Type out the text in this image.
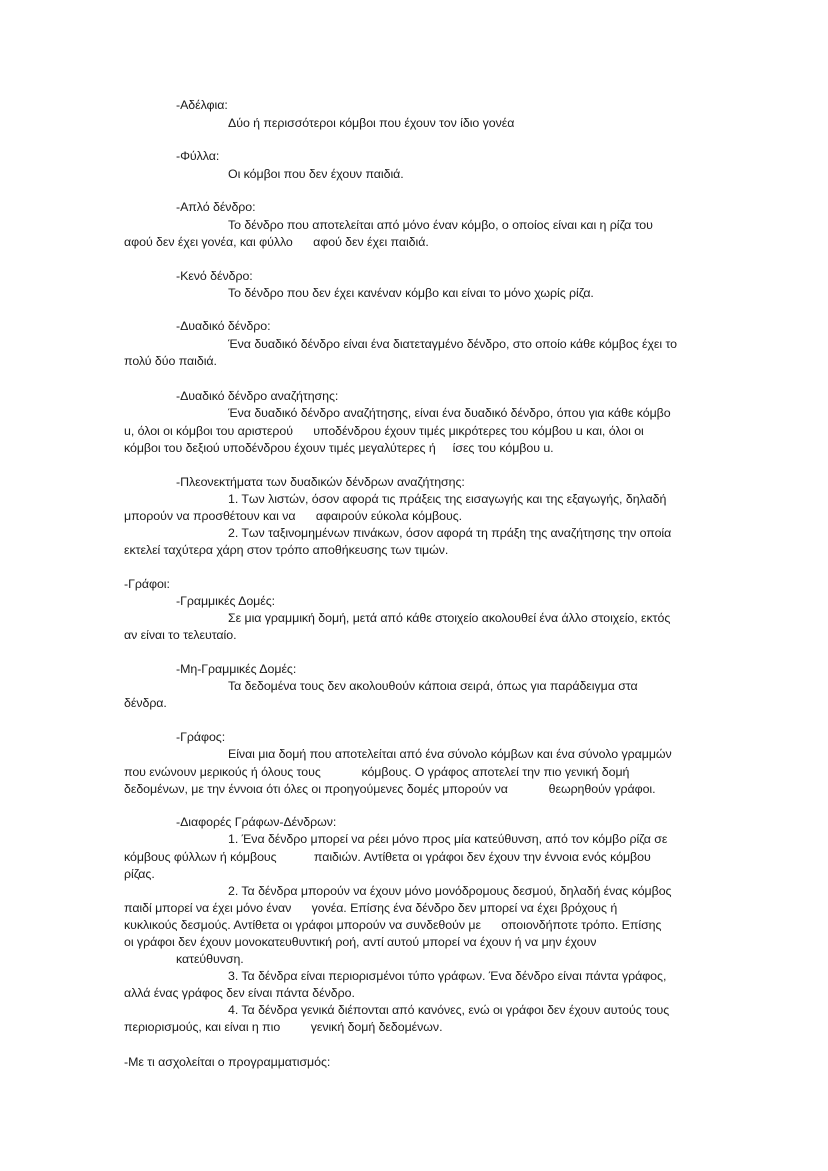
-Αδέλφια:
Δύο ή περισσότεροι κόμβοι που έχουν τον ίδιο γονέα
-Φύλλα:
Οι κόμβοι που δεν έχουν παιδιά.
-Απλό δένδρο:
Το δένδρο που αποτελείται από μόνο έναν κόμβο, ο οποίος είναι και η ρίζα του
αφού δεν έχει γονέα, και φύλλο      αφού δεν έχει παιδιά.
-Κενό δένδρο:
Το δένδρο που δεν έχει κανέναν κόμβο και είναι το μόνο χωρίς ρίζα.
-Δυαδικό δένδρο:
Ένα δυαδικό δένδρο είναι ένα διατεταγμένο δένδρο, στο οποίο κάθε κόμβος έχει το
πολύ δύο παιδιά.
-Δυαδικό δένδρο αναζήτησης:
Ένα δυαδικό δένδρο αναζήτησης, είναι ένα δυαδικό δένδρο, όπου για κάθε κόμβο
u, όλοι οι κόμβοι του αριστερού      υποδένδρου έχουν τιμές μικρότερες του κόμβου u και, όλοι οι
κόμβοι του δεξιού υποδένδρου έχουν τιμές μεγαλύτερες ή     ίσες του κόμβου u.
-Πλεονεκτήματα των δυαδικών δένδρων αναζήτησης:
1. Των λιστών, όσον αφορά τις πράξεις της εισαγωγής και της εξαγωγής, δηλαδή
μπορούν να προσθέτουν και να      αφαιρούν εύκολα κόμβους.
2. Των ταξινομημένων πινάκων, όσον αφορά τη πράξη της αναζήτησης την οποία
εκτελεί ταχύτερα χάρη στον τρόπο αποθήκευσης των τιμών.
-Γράφοι:
-Γραμμικές Δομές:
Σε μια γραμμική δομή, μετά από κάθε στοιχείο ακολουθεί ένα άλλο στοιχείο, εκτός
αν είναι το τελευταίο.
-Μη-Γραμμικές Δομές:
Τα δεδομένα τους δεν ακολουθούν κάποια σειρά, όπως για παράδειγμα στα
δένδρα.
-Γράφος:
Είναι μια δομή που αποτελείται από ένα σύνολο κόμβων και ένα σύνολο γραμμών
που ενώνουν μερικούς ή όλους τους            κόμβους. Ο γράφος αποτελεί την πιο γενική δομή
δεδομένων, με την έννοια ότι όλες οι προηγούμενες δομές μπορούν να            θεωρηθούν γράφοι.
-Διαφορές Γράφων-Δένδρων:
1. Ένα δένδρο μπορεί να ρέει μόνο προς μία κατεύθυνση, από τον κόμβο ρίζα σε
κόμβους φύλλων ή κόμβους           παιδιών. Αντίθετα οι γράφοι δεν έχουν την έννοια ενός κόμβου
ρίζας.
2. Τα δένδρα μπορούν να έχουν μόνο μονόδρομους δεσμού, δηλαδή ένας κόμβος
παιδί μπορεί να έχει μόνο έναν      γονέα. Επίσης ένα δένδρο δεν μπορεί να έχει βρόχους ή
κυκλικούς δεσμούς. Αντίθετα οι γράφοι μπορούν να συνδεθούν με      οποιονδήποτε τρόπο. Επίσης
οι γράφοι δεν έχουν μονοκατευθυντική ροή, αντί αυτού μπορεί να έχουν ή να μην έχουν
κατεύθυνση.
3. Τα δένδρα είναι περιορισμένοι τύπο γράφων. Ένα δένδρο είναι πάντα γράφος,
αλλά ένας γράφος δεν είναι πάντα δένδρο.
4. Τα δένδρα γενικά διέπονται από κανόνες, ενώ οι γράφοι δεν έχουν αυτούς τους
περιορισμούς, και είναι η πιο         γενική δομή δεδομένων.
-Με τι ασχολείται ο προγραμματισμός:
